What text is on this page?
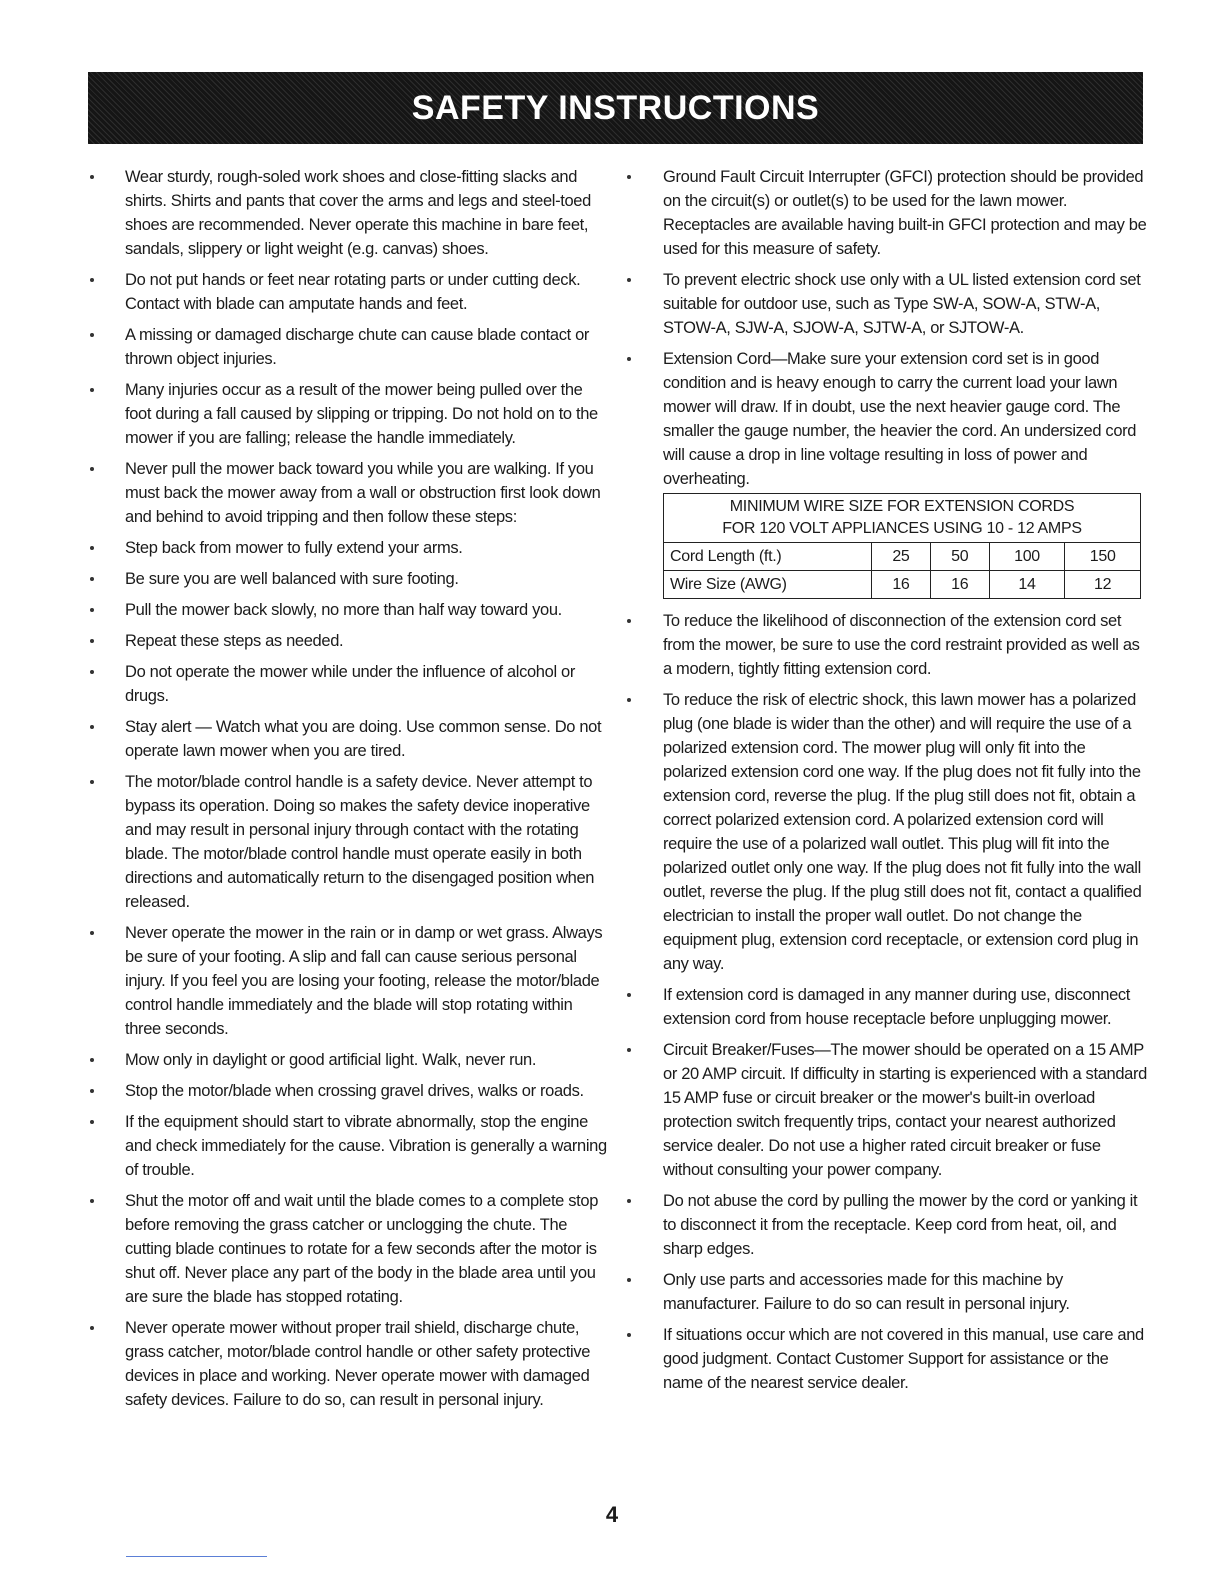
SAFETY INSTRUCTIONS
Wear sturdy, rough-soled work shoes and close-fitting slacks and shirts. Shirts and pants that cover the arms and legs and steel-toed shoes are recommended. Never operate this machine in bare feet, sandals, slippery or light weight (e.g. canvas) shoes.
Do not put hands or feet near rotating parts or under cutting deck. Contact with blade can amputate hands and feet.
A missing or damaged discharge chute can cause blade contact or thrown object injuries.
Many injuries occur as a result of the mower being pulled over the foot during a fall caused by slipping or tripping. Do not hold on to the mower if you are falling; release the handle immediately.
Never pull the mower back toward you while you are walking. If you must back the mower away from a wall or obstruction first look down and behind to avoid tripping and then follow these steps:
Step back from mower to fully extend your arms.
Be sure you are well balanced with sure footing.
Pull the mower back slowly, no more than half way toward you.
Repeat these steps as needed.
Do not operate the mower while under the influence of alcohol or drugs.
Stay alert — Watch what you are doing. Use common sense. Do not operate lawn mower when you are tired.
The motor/blade control handle is a safety device. Never attempt to bypass its operation. Doing so makes the safety device inoperative and may result in personal injury through contact with the rotating blade. The motor/blade control handle must operate easily in both directions and automatically return to the disengaged position when released.
Never operate the mower in the rain or in damp or wet grass. Always be sure of your footing. A slip and fall can cause serious personal injury. If you feel you are losing your footing, release the motor/blade control handle immediately and the blade will stop rotating within three seconds.
Mow only in daylight or good artificial light. Walk, never run.
Stop the motor/blade when crossing gravel drives, walks or roads.
If the equipment should start to vibrate abnormally, stop the engine and check immediately for the cause. Vibration is generally a warning of trouble.
Shut the motor off and wait until the blade comes to a complete stop before removing the grass catcher or unclogging the chute. The cutting blade continues to rotate for a few seconds after the motor is shut off. Never place any part of the body in the blade area until you are sure the blade has stopped rotating.
Never operate mower without proper trail shield, discharge chute, grass catcher, motor/blade control handle or other safety protective devices in place and working. Never operate mower with damaged safety devices. Failure to do so, can result in personal injury.
Ground Fault Circuit Interrupter (GFCI) protection should be provided on the circuit(s) or outlet(s) to be used for the lawn mower. Receptacles are available having built-in GFCI protection and may be used for this measure of safety.
To prevent electric shock use only with a UL listed extension cord set suitable for outdoor use, such as Type SW-A, SOW-A, STW-A, STOW-A, SJW-A, SJOW-A, SJTW-A, or SJTOW-A.
Extension Cord—Make sure your extension cord set is in good condition and is heavy enough to carry the current load your lawn mower will draw. If in doubt, use the next heavier gauge cord. The smaller the gauge number, the heavier the cord. An undersized cord will cause a drop in line voltage resulting in loss of power and overheating.
MINIMUM WIRE SIZE FOR EXTENSION CORDS
FOR 120 VOLT APPLIANCES USING 10 - 12 AMPS				

Cord Length (ft.)	25	50	100	150
Wire Size (AWG)	16	16	14	12
To reduce the likelihood of disconnection of the extension cord set from the mower, be sure to use the cord restraint provided as well as a modern, tightly fitting extension cord.
To reduce the risk of electric shock, this lawn mower has a polarized plug (one blade is wider than the other) and will require the use of a polarized extension cord. The mower plug will only fit into the polarized extension cord one way. If the plug does not fit fully into the extension cord, reverse the plug. If the plug still does not fit, obtain a correct polarized extension cord. A polarized extension cord will require the use of a polarized wall outlet. This plug will fit into the polarized outlet only one way. If the plug does not fit fully into the wall outlet, reverse the plug. If the plug still does not fit, contact a qualified electrician to install the proper wall outlet. Do not change the equipment plug, extension cord receptacle, or extension cord plug in any way.
If extension cord is damaged in any manner during use, disconnect extension cord from house receptacle before unplugging mower.
Circuit Breaker/Fuses—The mower should be operated on a 15 AMP or 20 AMP circuit. If difficulty in starting is experienced with a standard 15 AMP fuse or circuit breaker or the mower's built-in overload protection switch frequently trips, contact your nearest authorized service dealer. Do not use a higher rated circuit breaker or fuse without consulting your power company.
Do not abuse the cord by pulling the mower by the cord or yanking it to disconnect it from the receptacle. Keep cord from heat, oil, and sharp edges.
Only use parts and accessories made for this machine by manufacturer. Failure to do so can result in personal injury.
If situations occur which are not covered in this manual, use care and good judgment. Contact Customer Support for assistance or the name of the nearest service dealer.
4
